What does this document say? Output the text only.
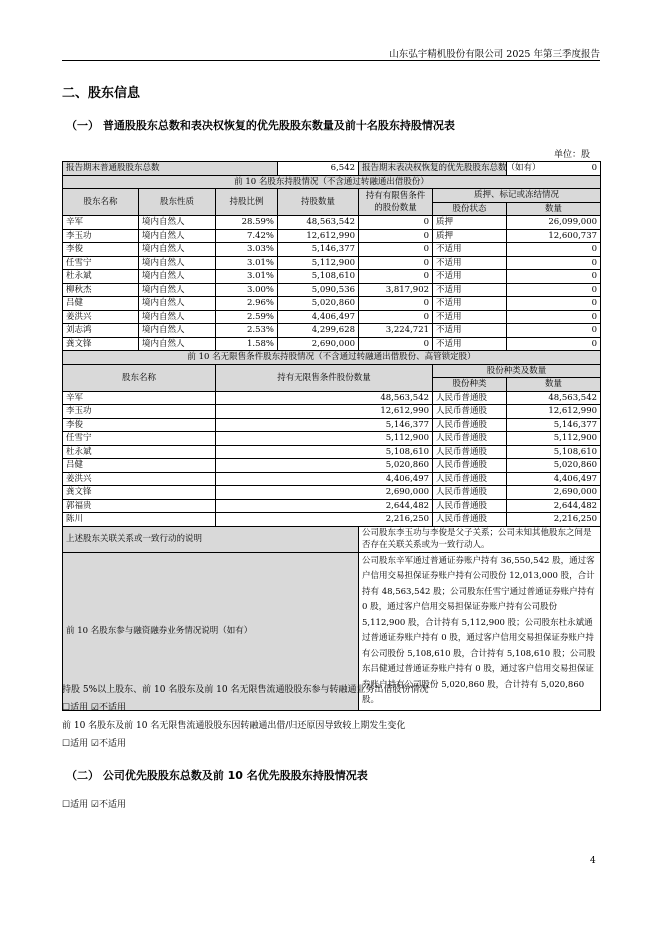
山东弘宇精机股份有限公司 2025 年第三季度报告
二、股东信息
（一） 普通股股东总数和表决权恢复的优先股股东数量及前十名股东持股情况表
单位：股
报告期末普通股股东总数			6,542	报告期末表决权恢复的优先股股东总数（如有）		0
前 10 名股东持股情况（不含通过转融通出借股份）						
股东名称	股东性质	持股比例	持股数量	持有有限售条件的股份数量	质押、标记或冻结情况	
					股份状态	数量
辛军	境内自然人	28.59%	48,563,542	0	质押	26,099,000
李玉功	境内自然人	7.42%	12,612,990	0	质押	12,600,737
李俊	境内自然人	3.03%	5,146,377	0	不适用	0
任雪宁	境内自然人	3.01%	5,112,900	0	不适用	0
杜永斌	境内自然人	3.01%	5,108,610	0	不适用	0
柳秋杰	境内自然人	3.00%	5,090,536	3,817,902	不适用	0
吕健	境内自然人	2.96%	5,020,860	0	不适用	0
姜洪兴	境内自然人	2.59%	4,406,497	0	不适用	0
刘志鸿	境内自然人	2.53%	4,299,628	3,224,721	不适用	0
龚文锋	境内自然人	1.58%	2,690,000	0	不适用	0
前 10 名无限售条件股东持股情况（不含通过转融通出借股份、高管锁定股）						
股东名称		持有无限售条件股份数量			股份种类及数量	
					股份种类	数量
辛军		48,563,542			人民币普通股	48,563,542
李玉功		12,612,990			人民币普通股	12,612,990
李俊		5,146,377			人民币普通股	5,146,377
任雪宁		5,112,900			人民币普通股	5,112,900
杜永斌		5,108,610			人民币普通股	5,108,610
吕健		5,020,860			人民币普通股	5,020,860
姜洪兴		4,406,497			人民币普通股	4,406,497
龚文锋		2,690,000			人民币普通股	2,690,000
郭福贵		2,644,482			人民币普通股	2,644,482
陈川		2,216,250			人民币普通股	2,216,250
上述股东关联关系或一致行动的说明				公司股东李玉功与李俊是父子关系；公司未知其他股东之间是否存在关联关系或为一致行动人。		
前 10 名股东参与融资融券业务情况说明（如有）				公司股东辛军通过普通证券账户持有 36,550,542 股，通过客户信用交易担保证券账户持有公司股份 12,013,000 股，合计持有 48,563,542 股；公司股东任雪宁通过普通证券账户持有 0 股，通过客户信用交易担保证券账户持有公司股份 5,112,900 股，合计持有 5,112,900 股；公司股东杜永斌通过普通证券账户持有 0 股，通过客户信用交易担保证券账户持有公司股份 5,108,610 股，合计持有 5,108,610 股；公司股东吕健通过普通证券账户持有 0 股，通过客户信用交易担保证券账户持有公司股份 5,020,860 股，合计持有 5,020,860 股。		
持股 5%以上股东、前 10 名股东及前 10 名无限售流通股股东参与转融通业务出借股份情况
☐适用 ☑不适用
前 10 名股东及前 10 名无限售流通股股东因转融通出借/归还原因导致较上期发生变化
☐适用 ☑不适用
（二） 公司优先股股东总数及前 10 名优先股股东持股情况表
☐适用 ☑不适用
4
